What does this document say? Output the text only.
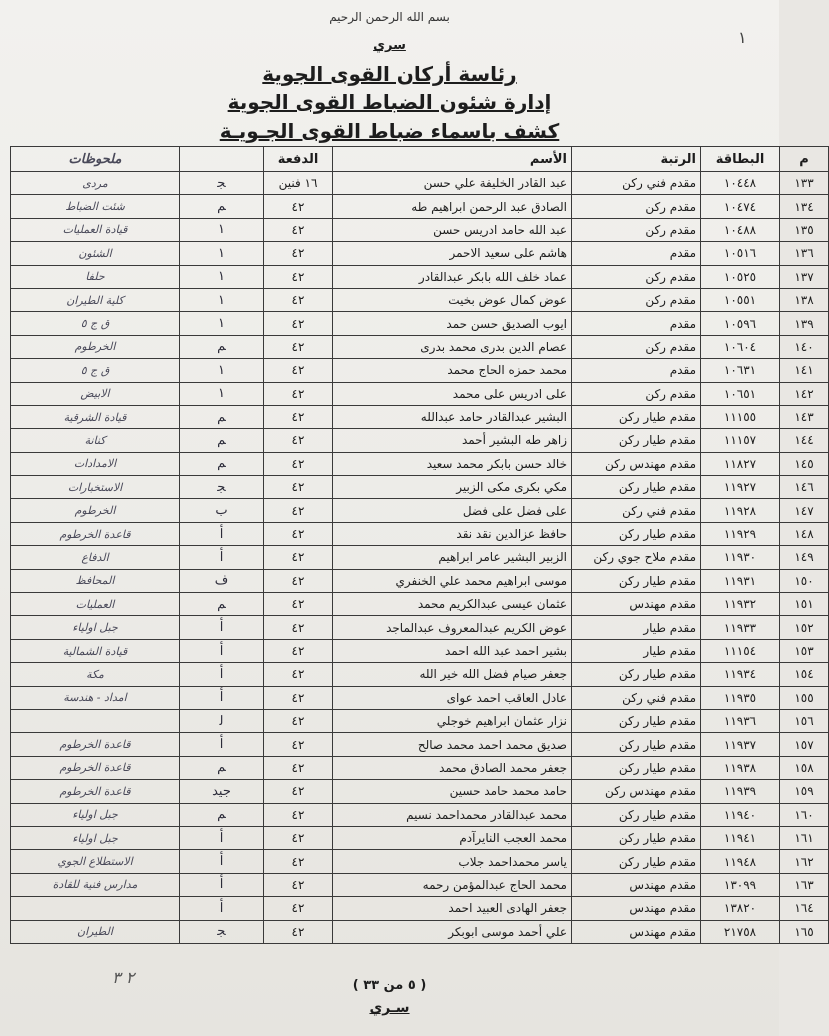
بسم الله الرحمن الرحيم
١
سري
رئاسة أركان القوى الجوية
إدارة شئون الضباط القوى الجوية
كشف باسماء ضباط القوى الجـويـة
م	البطاقة	الرتبة	الأسم	الدفعة		ملحوظات
١٣٣	١٠٤٤٨	مقدم فني ركن	عبد القادر الخليفة علي حسن	١٦ فنين	ﺠ	مردى
١٣٤	١٠٤٧٤	مقدم ركن	الصادق عبد الرحمن ابراهيم طه	٤٢	ﻢ	شئت الضباط
١٣٥	١٠٤٨٨	مقدم ركن	عبد الله حامد ادريس حسن	٤٢	١	قيادة العمليات
١٣٦	١٠٥١٦	مقدم	هاشم على سعيد الاحمر	٤٢	١	الشئون
١٣٧	١٠٥٢٥	مقدم ركن	عماد خلف الله بابكر عبدالقادر	٤٢	١	حلفا
١٣٨	١٠٥٥١	مقدم ركن	عوض كمال عوض بخيت	٤٢	١	كلية الطيران
١٣٩	١٠٥٩٦	مقدم	ايوب الصديق حسن حمد	٤٢	١	ق ج ٥
١٤٠	١٠٦٠٤	مقدم ركن	عصام الدين بدرى محمد بدرى	٤٢	ﻢ	الخرطوم
١٤١	١٠٦٣١	مقدم	محمد حمزه الحاج محمد	٤٢	١	ق ج ٥
١٤٢	١٠٦٥١	مقدم ركن	على ادريس على محمد	٤٢	١	الابيض
١٤٣	١١١٥٥	مقدم طيار ركن	البشير عبدالقادر حامد عبدالله	٤٢	ﻢ	قيادة الشرقية
١٤٤	١١١٥٧	مقدم طيار ركن	زاهر طه البشير أحمد	٤٢	ﻢ	كنانة
١٤٥	١١٨٢٧	مقدم مهندس ركن	خالد حسن بابكر محمد سعيد	٤٢	ﻢ	الامدادات
١٤٦	١١٩٢٧	مقدم طيار ركن	مكي بكرى مكى الزبير	٤٢	ﺠ	الاستخبارات
١٤٧	١١٩٢٨	مقدم فني ركن	على فضل على فضل	٤٢	ب	الخرطوم
١٤٨	١١٩٢٩	مقدم طيار ركن	حافظ عزالدين نقد نقد	٤٢	ﺃ	قاعدة الخرطوم
١٤٩	١١٩٣٠	مقدم ملاح جوي ركن	الزبير البشير عامر ابراهيم	٤٢	ﺃ	الدفاع
١٥٠	١١٩٣١	مقدم طيار ركن	موسى ابراهيم محمد علي الخنفري	٤٢	ﻑ	المحافظ
١٥١	١١٩٣٢	مقدم مهندس	عثمان عيسى عبدالكريم محمد	٤٢	ﻢ	العمليات
١٥٢	١١٩٣٣	مقدم طيار	عوض الكريم عبدالمعروف عبدالماجد	٤٢	ﺃ	جبل اولياء
١٥٣	١١١٥٤	مقدم طيار	بشير احمد عبد الله احمد	٤٢	ﺃ	قيادة الشمالية
١٥٤	١١٩٣٤	مقدم طيار ركن	جعفر صيام فضل الله خير الله	٤٢	ﺃ	مكة
١٥٥	١١٩٣٥	مقدم فني ركن	عادل العاقب احمد عواى	٤٢	ﺃ	امداد - هندسة
١٥٦	١١٩٣٦	مقدم طيار ركن	نزار عثمان ابراهيم خوجلي	٤٢	ﻟ	
١٥٧	١١٩٣٧	مقدم طيار ركن	صديق محمد احمد محمد صالح	٤٢	ﺃ	قاعدة الخرطوم
١٥٨	١١٩٣٨	مقدم طيار ركن	جعفر محمد الصادق محمد	٤٢	ﻢ	قاعدة الخرطوم
١٥٩	١١٩٣٩	مقدم مهندس ركن	حامد محمد حامد حسين	٤٢	ﺟﻴﺪ	قاعدة الخرطوم
١٦٠	١١٩٤٠	مقدم طيار ركن	محمد عبدالقادر محمداحمد نسيم	٤٢	ﻢ	جبل اولياء
١٦١	١١٩٤١	مقدم طيار ركن	محمد العجب النايرآدم	٤٢	ﺃ	جبل اولياء
١٦٢	١١٩٤٨	مقدم طيار ركن	ياسر محمداحمد جلاب	٤٢	ﺃ	الاستطلاع الجوي
١٦٣	١٣٠٩٩	مقدم مهندس	محمد الحاج عبدالمؤمن رحمه	٤٢	ﺃ	مدارس فنية للقادة
١٦٤	١٣٨٢٠	مقدم مهندس	جعفر الهادى العبيد احمد	٤٢	ﺃ	
١٦٥	٢١٧٥٨	مقدم مهندس	علي أحمد موسى ابوبكر	٤٢	ﺠ	الطيران
٢ ٣	( ٥ من ٣٣ )
سـري
